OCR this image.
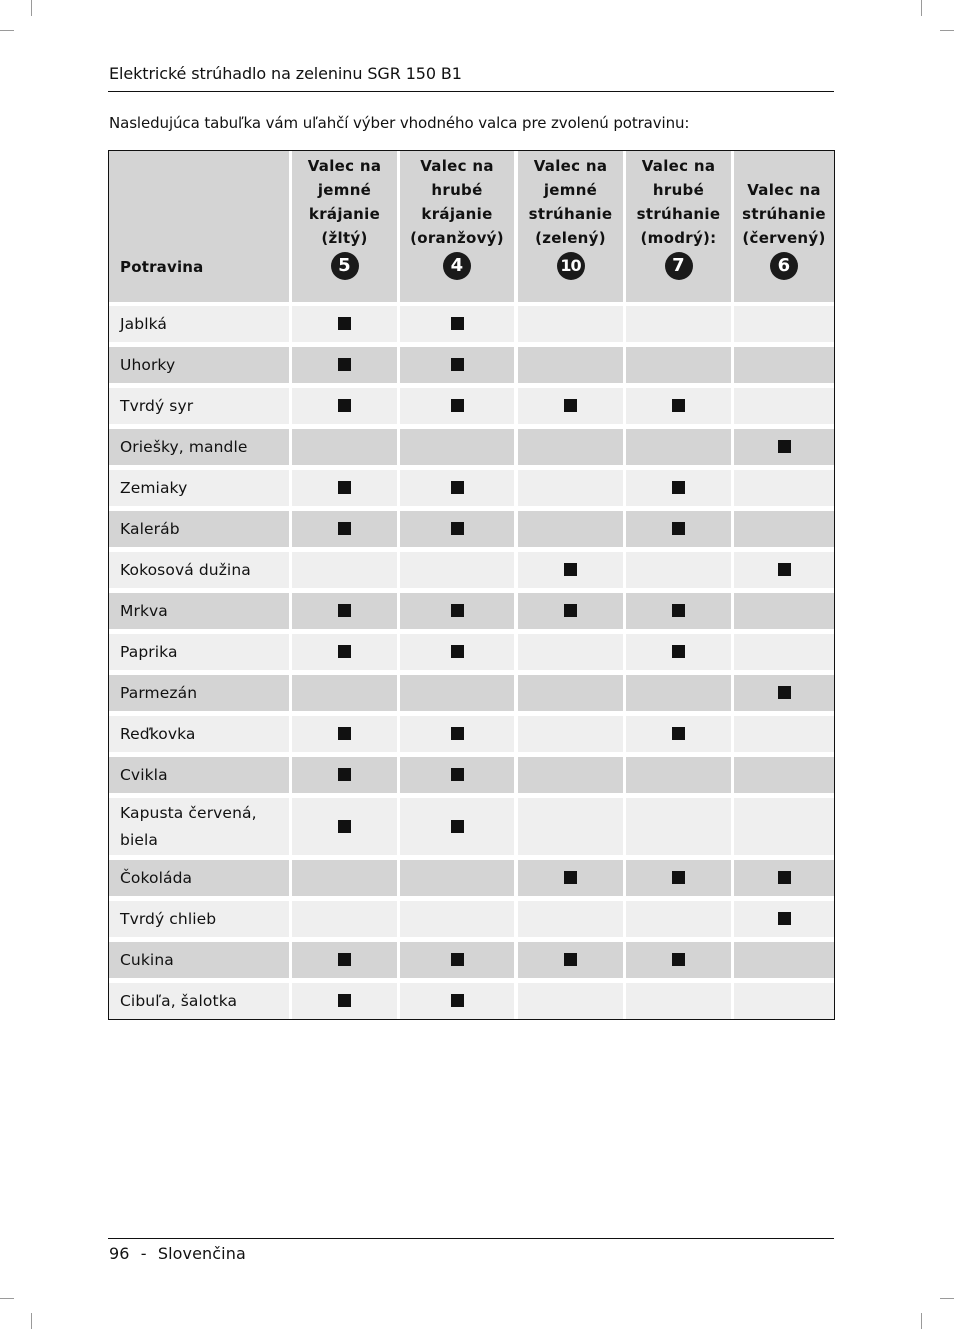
Elektrické strúhadlo na zeleninu SGR 150 B1
Nasledujúca tabuľka vám uľahčí výber vhodného valca pre zvolenú potravinu:
Potravina
Valec na
jemné
krájanie
(žltý)
5
Valec na
hrubé
krájanie
(oranžový)
4
Valec na
jemné
strúhanie
(zelený)
10
Valec na
hrubé
strúhanie
(modrý):
7
Valec na
strúhanie
(červený)
6
Jablká
Uhorky
Tvrdý syr
Oriešky, mandle
Zemiaky
Kaleráb
Kokosová dužina
Mrkva
Paprika
Parmezán
Reďkovka
Cvikla
Kapusta červená, biela
Čokoláda
Tvrdý chlieb
Cukina
Cibuľa, šalotka
96 - Slovenčina
